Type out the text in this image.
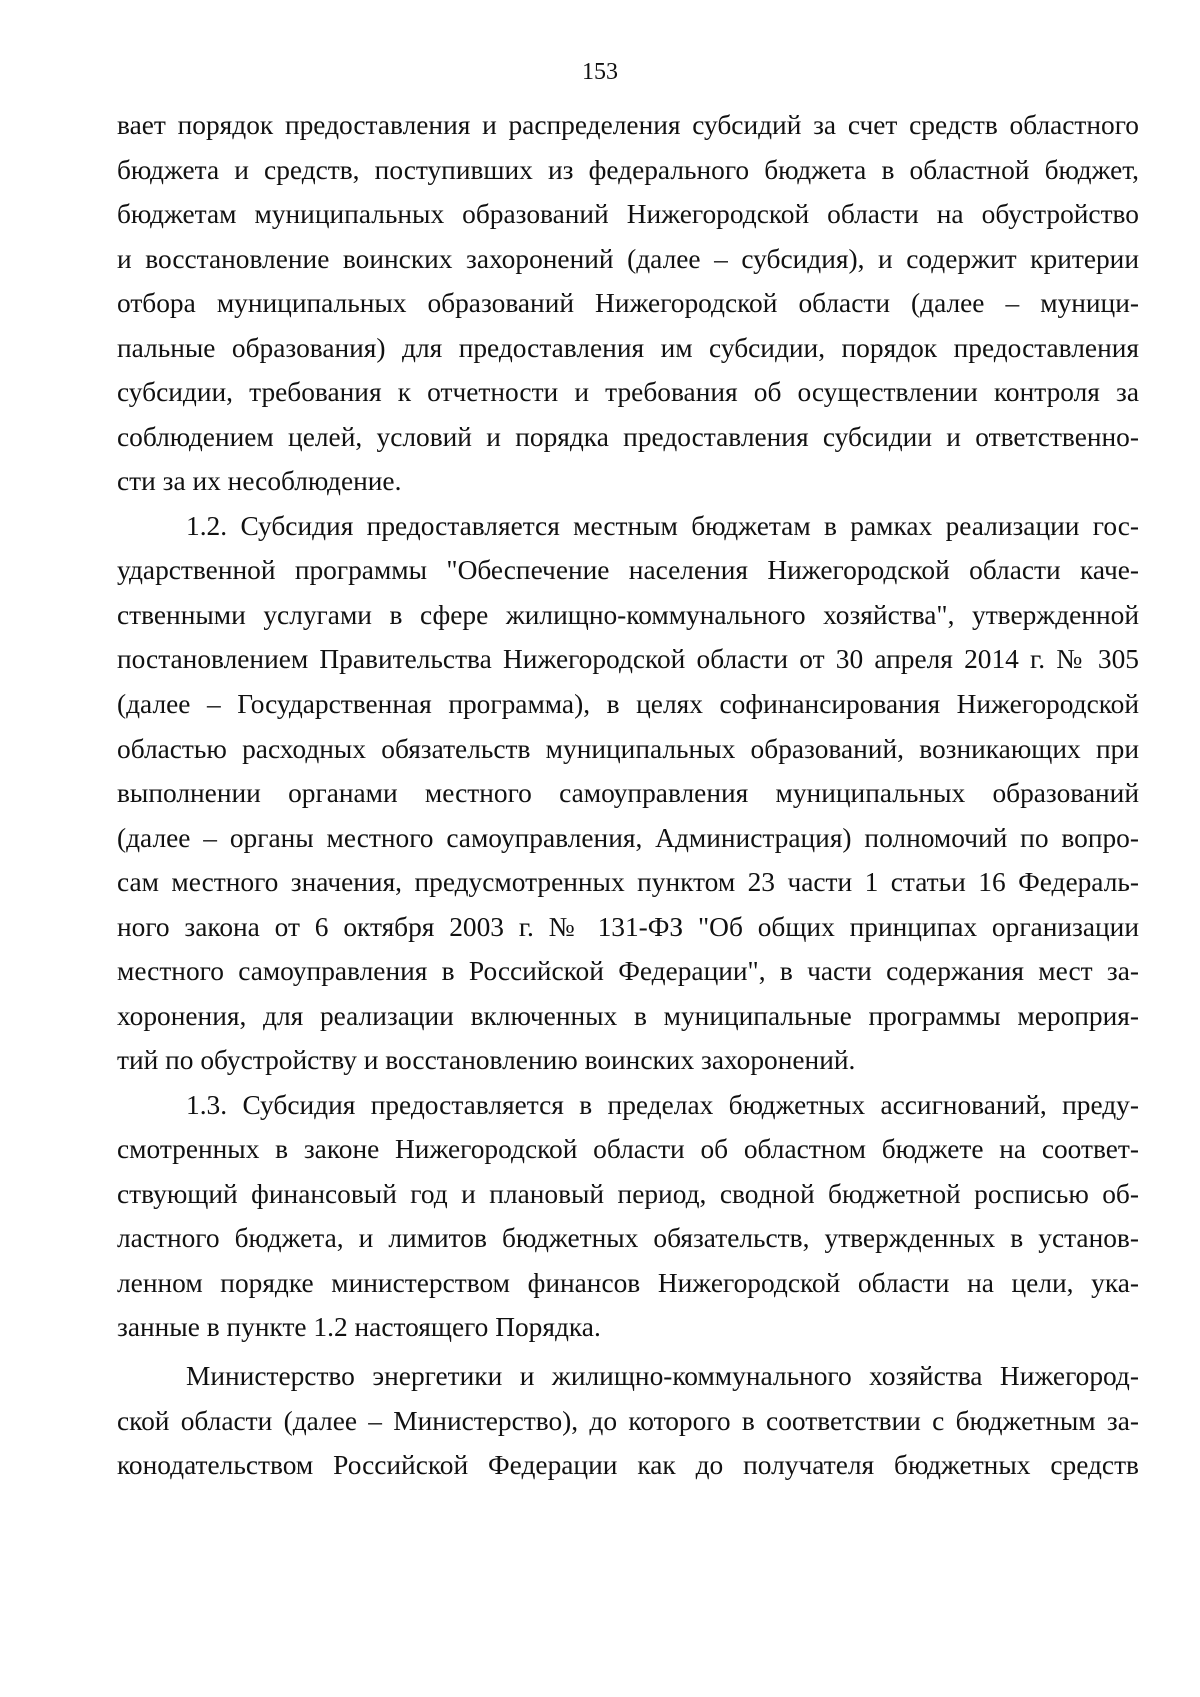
153
вает порядок предоставления и распределения субсидий за счет средств областного
бюджета и средств, поступивших из федерального бюджета в областной бюджет,
бюджетам муниципальных образований Нижегородской области на обустройство
и восстановление воинских захоронений (далее – субсидия), и содержит критерии
отбора муниципальных образований Нижегородской области (далее – муници-
пальные образования) для предоставления им субсидии, порядок предоставления
субсидии, требования к отчетности и требования об осуществлении контроля за
соблюдением целей, условий и порядка предоставления субсидии и ответственно-
сти за их несоблюдение.
1.2. Субсидия предоставляется местным бюджетам в рамках реализации гос-
ударственной программы "Обеспечение населения Нижегородской области каче-
ственными услугами в сфере жилищно-коммунального хозяйства", утвержденной
постановлением Правительства Нижегородской области от 30 апреля 2014 г. № 305
(далее – Государственная программа), в целях софинансирования Нижегородской
областью расходных обязательств муниципальных образований, возникающих при
выполнении органами местного самоуправления муниципальных образований
(далее – органы местного самоуправления, Администрация) полномочий по вопро-
сам местного значения, предусмотренных пунктом 23 части 1 статьи 16 Федераль-
ного закона от 6 октября 2003 г. № 131-ФЗ "Об общих принципах организации
местного самоуправления в Российской Федерации", в части содержания мест за-
хоронения, для реализации включенных в муниципальные программы мероприя-
тий по обустройству и восстановлению воинских захоронений.
1.3. Субсидия предоставляется в пределах бюджетных ассигнований, преду-
смотренных в законе Нижегородской области об областном бюджете на соответ-
ствующий финансовый год и плановый период, сводной бюджетной росписью об-
ластного бюджета, и лимитов бюджетных обязательств, утвержденных в установ-
ленном порядке министерством финансов Нижегородской области на цели, ука-
занные в пункте 1.2 настоящего Порядка.
Министерство энергетики и жилищно-коммунального хозяйства Нижегород-
ской области (далее – Министерство), до которого в соответствии с бюджетным за-
конодательством Российской Федерации как до получателя бюджетных средств
